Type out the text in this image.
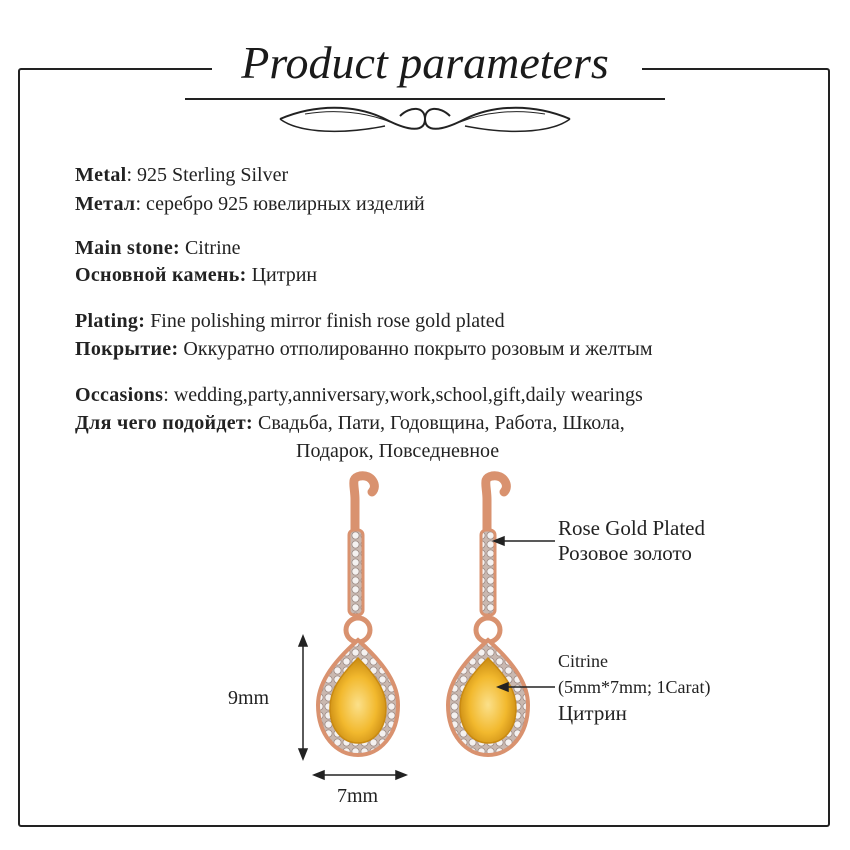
Product parameters
Metal: 925 Sterling Silver
Метал: серебро 925 ювелирных изделий
Main stone: Citrine
Основной камень: Цитрин
Plating: Fine polishing mirror finish rose gold plated
Покрытие: Оккуратно отполированно покрыто розовым и желтым
Occasions: wedding,party,anniversary,work,school,gift,daily wearings
Для чего подойдет: Свадьба, Пати, Годовщина, Работа, Школа,
Подарок, Повседневное
Rose Gold Plated
Розовое золото
Citrine
(5mm*7mm; 1Carat)
Цитрин
9mm
7mm
